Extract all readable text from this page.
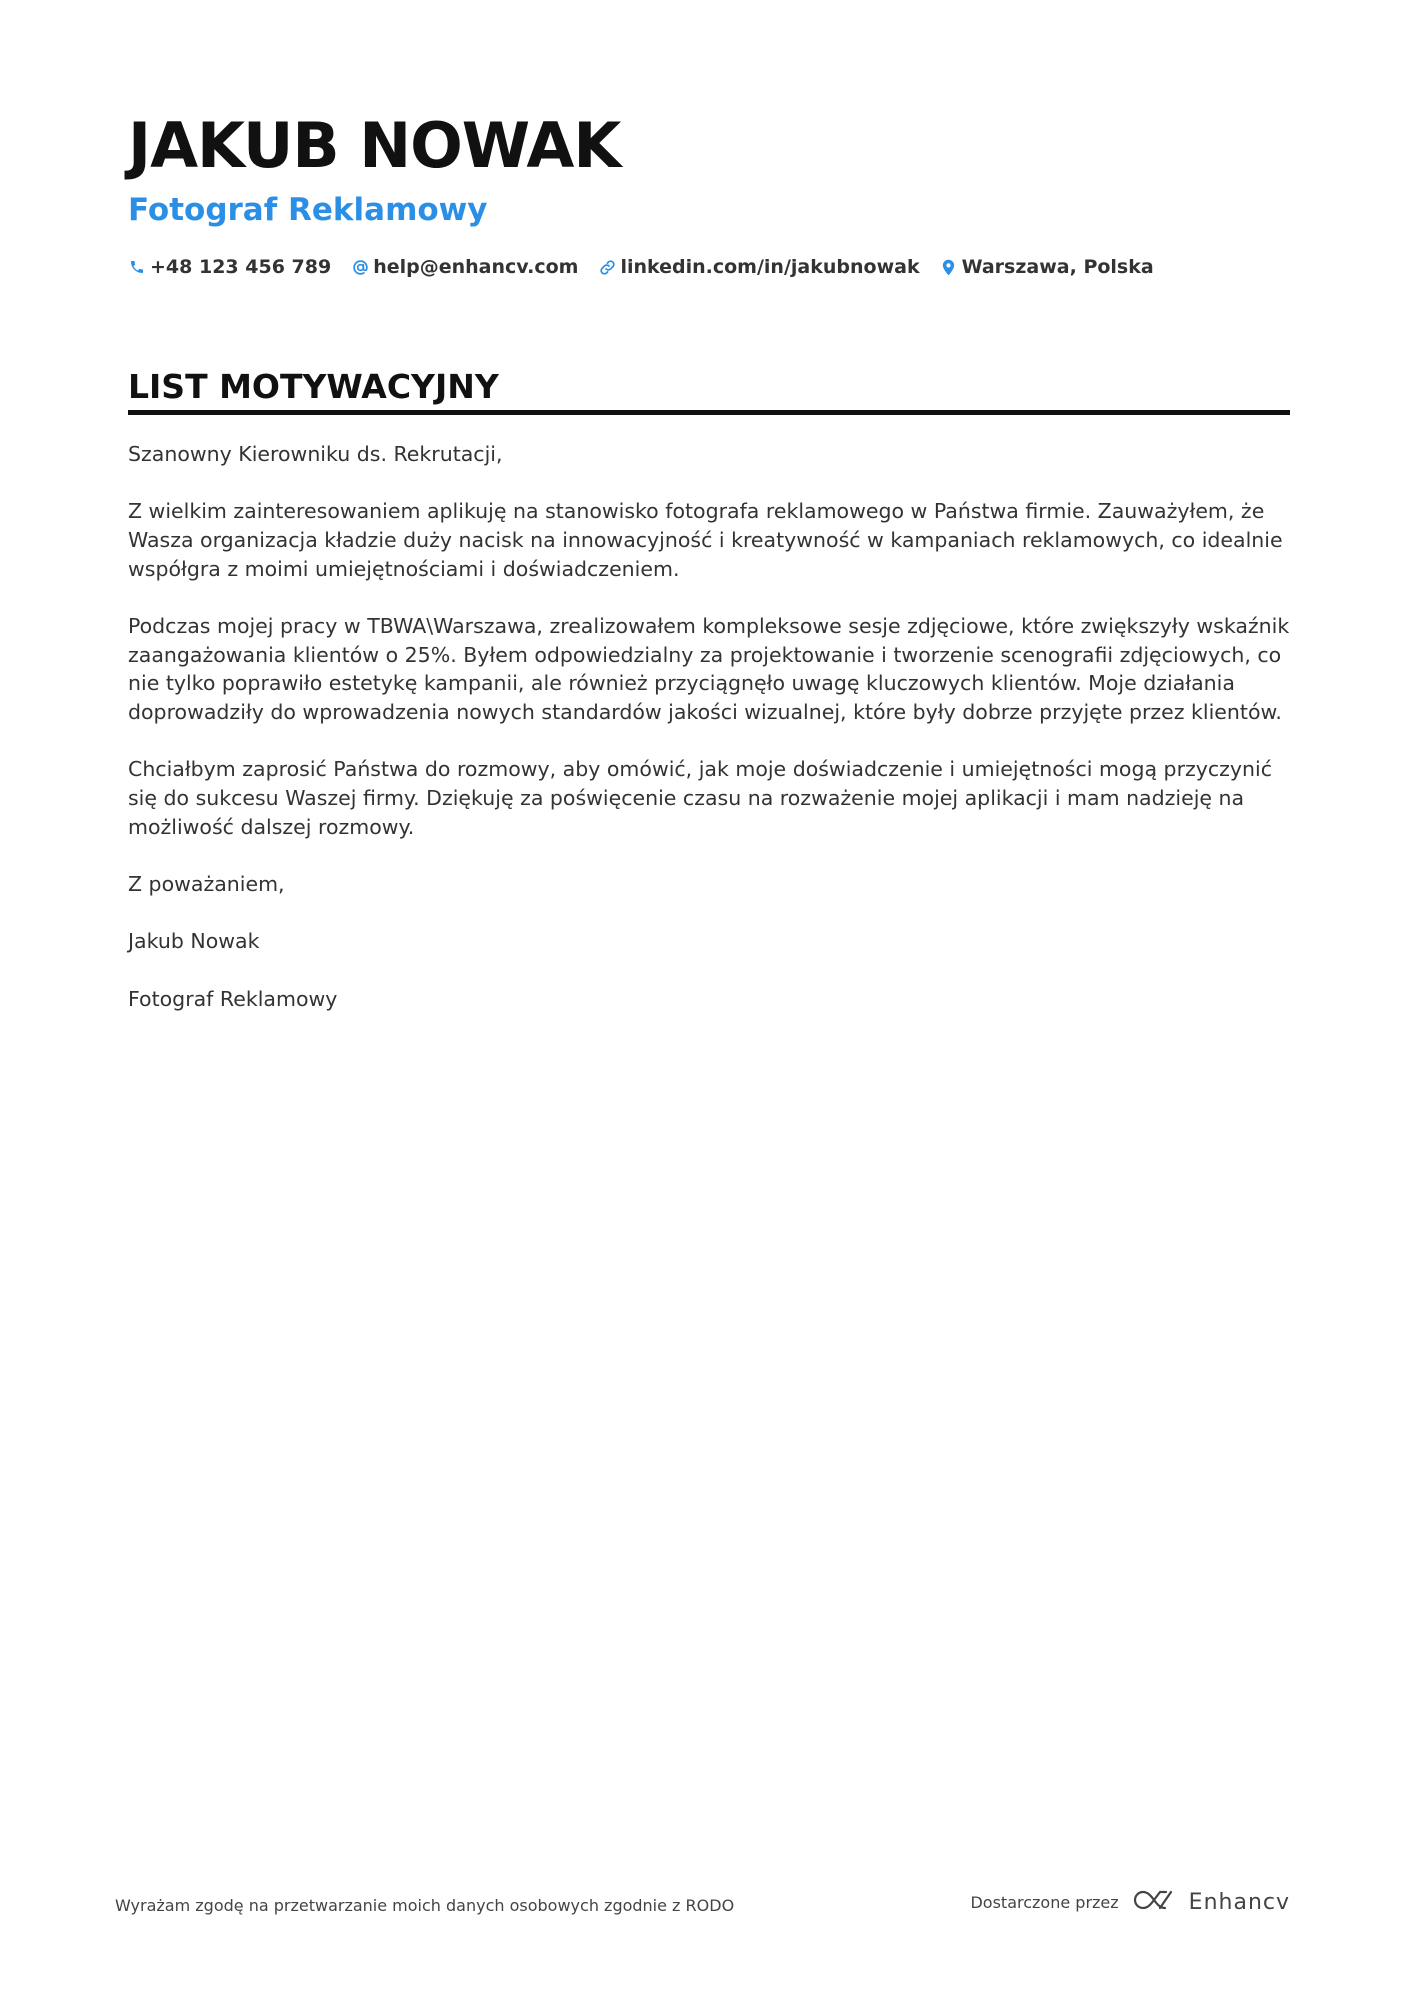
JAKUB NOWAK
Fotograf Reklamowy
+48 123 456 789 help@enhancv.com linkedin.com/in/jakubnowak Warszawa, Polska
LIST MOTYWACYJNY

Szanowny Kierowniku ds. Rekrutacji,

Z wielkim zainteresowaniem aplikuję na stanowisko fotografa reklamowego w Państwa firmie. Zauważyłem, że Wasza organizacja kładzie duży nacisk na innowacyjność i kreatywność w kampaniach reklamowych, co idealnie współgra z moimi umiejętnościami i doświadczeniem.

Podczas mojej pracy w TBWA\Warszawa, zrealizowałem kompleksowe sesje zdjęciowe, które zwiększyły wskaźnik zaangażowania klientów o 25%. Byłem odpowiedzialny za projektowanie i tworzenie scenografii zdjęciowych, co nie tylko poprawiło estetykę kampanii, ale również przyciągnęło uwagę kluczowych klientów. Moje działania doprowadziły do wprowadzenia nowych standardów jakości wizualnej, które były dobrze przyjęte przez klientów.

Chciałbym zaprosić Państwa do rozmowy, aby omówić, jak moje doświadczenie i umiejętności mogą przyczynić się do sukcesu Waszej firmy. Dziękuję za poświęcenie czasu na rozważenie mojej aplikacji i mam nadzieję na możliwość dalszej rozmowy.

Z poważaniem,

Jakub Nowak

Fotograf Reklamowy

Wyrażam zgodę na przetwarzanie moich danych osobowych zgodnie z RODO	Dostarczone przez	Enhancv
